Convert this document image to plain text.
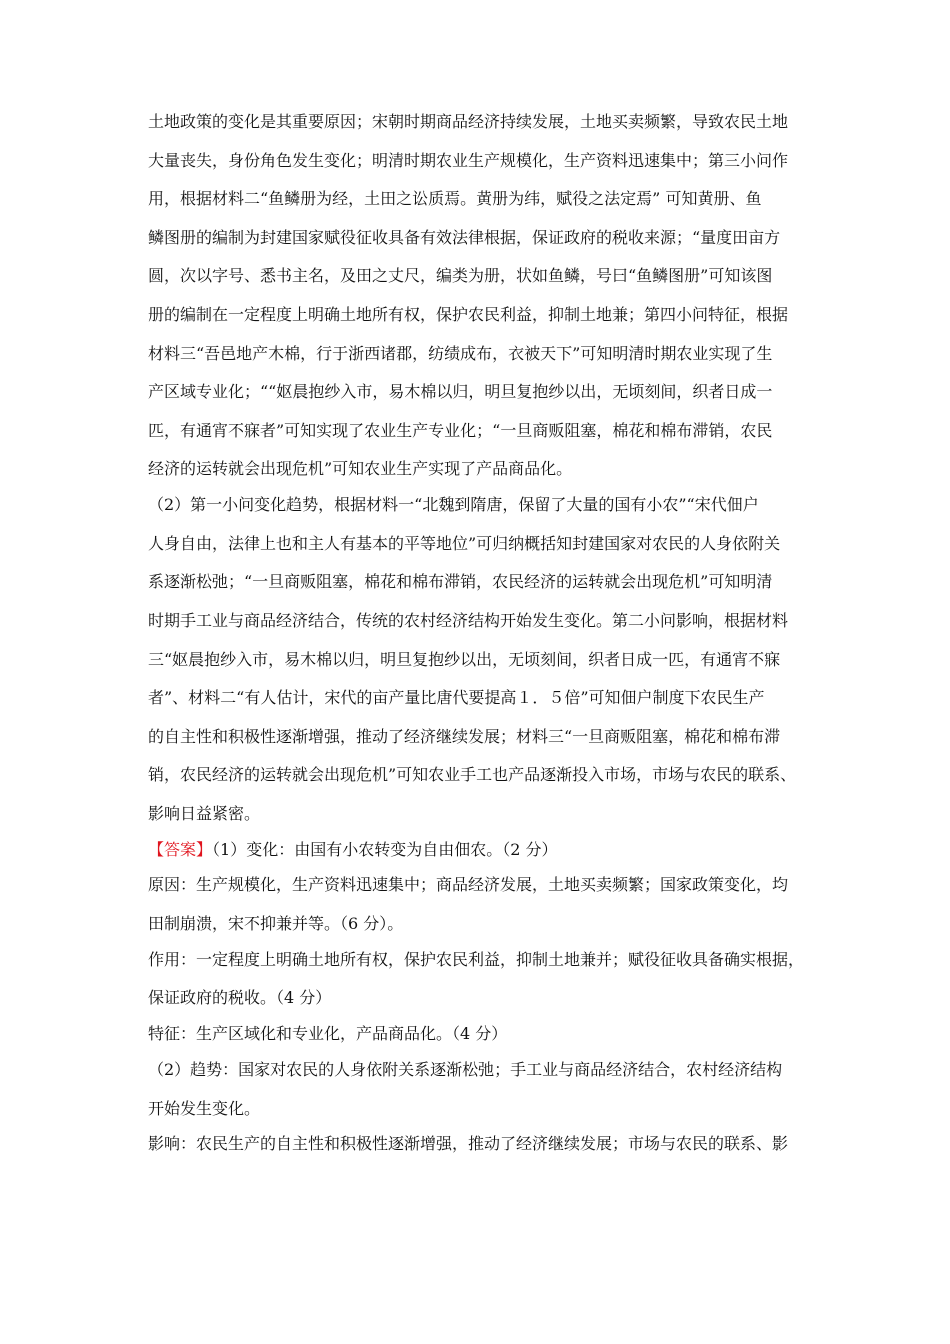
土地政策的变化是其重要原因；宋朝时期商品经济持续发展，土地买卖频繁，导致农民土地
大量丧失，身份角色发生变化；明清时期农业生产规模化，生产资料迅速集中；第三小问作
用，根据材料二“鱼鳞册为经，土田之讼质焉。黄册为纬，赋役之法定焉” 可知黄册、鱼
鳞图册的编制为封建国家赋役征收具备有效法律根据，保证政府的税收来源；“量度田亩方
圆，次以字号、悉书主名，及田之丈尺，编类为册，状如鱼鳞，号曰“鱼鳞图册”可知该图
册的编制在一定程度上明确土地所有权，保护农民利益，抑制土地兼；第四小问特征，根据
材料三“吾邑地产木棉，行于浙西诸郡，纺绩成布，衣被天下”可知明清时期农业实现了生
产区域专业化；““妪晨抱纱入市，易木棉以归，明旦复抱纱以出，无顷刻间，织者日成一
匹，有通宵不寐者”可知实现了农业生产专业化；“一旦商贩阻塞，棉花和棉布滞销，农民
经济的运转就会出现危机”可知农业生产实现了产品商品化。
（2）第一小问变化趋势，根据材料一“北魏到隋唐，保留了大量的国有小农”“宋代佃户
人身自由，法律上也和主人有基本的平等地位”可归纳概括知封建国家对农民的人身依附关
系逐渐松弛；“一旦商贩阻塞，棉花和棉布滞销，农民经济的运转就会出现危机”可知明清
时期手工业与商品经济结合，传统的农村经济结构开始发生变化。第二小问影响，根据材料
三“妪晨抱纱入市，易木棉以归，明旦复抱纱以出，无顷刻间，织者日成一匹，有通宵不寐
者”、材料二“有人估计，宋代的亩产量比唐代要提高１．５倍”可知佃户制度下农民生产
的自主性和积极性逐渐增强，推动了经济继续发展；材料三“一旦商贩阻塞，棉花和棉布滞
销，农民经济的运转就会出现危机”可知农业手工也产品逐渐投入市场，市场与农民的联系、
影响日益紧密。
【答案】（1）变化：由国有小农转变为自由佃农。（2 分）
原因：生产规模化，生产资料迅速集中；商品经济发展，土地买卖频繁；国家政策变化，均
田制崩溃，宋不抑兼并等。（6 分）。
作用：一定程度上明确土地所有权，保护农民利益，抑制土地兼并；赋役征收具备确实根据，
保证政府的税收。（4 分）
特征：生产区域化和专业化，产品商品化。（4 分）
（2）趋势：国家对农民的人身依附关系逐渐松弛；手工业与商品经济结合，农村经济结构
开始发生变化。
影响：农民生产的自主性和积极性逐渐增强，推动了经济继续发展；市场与农民的联系、影
